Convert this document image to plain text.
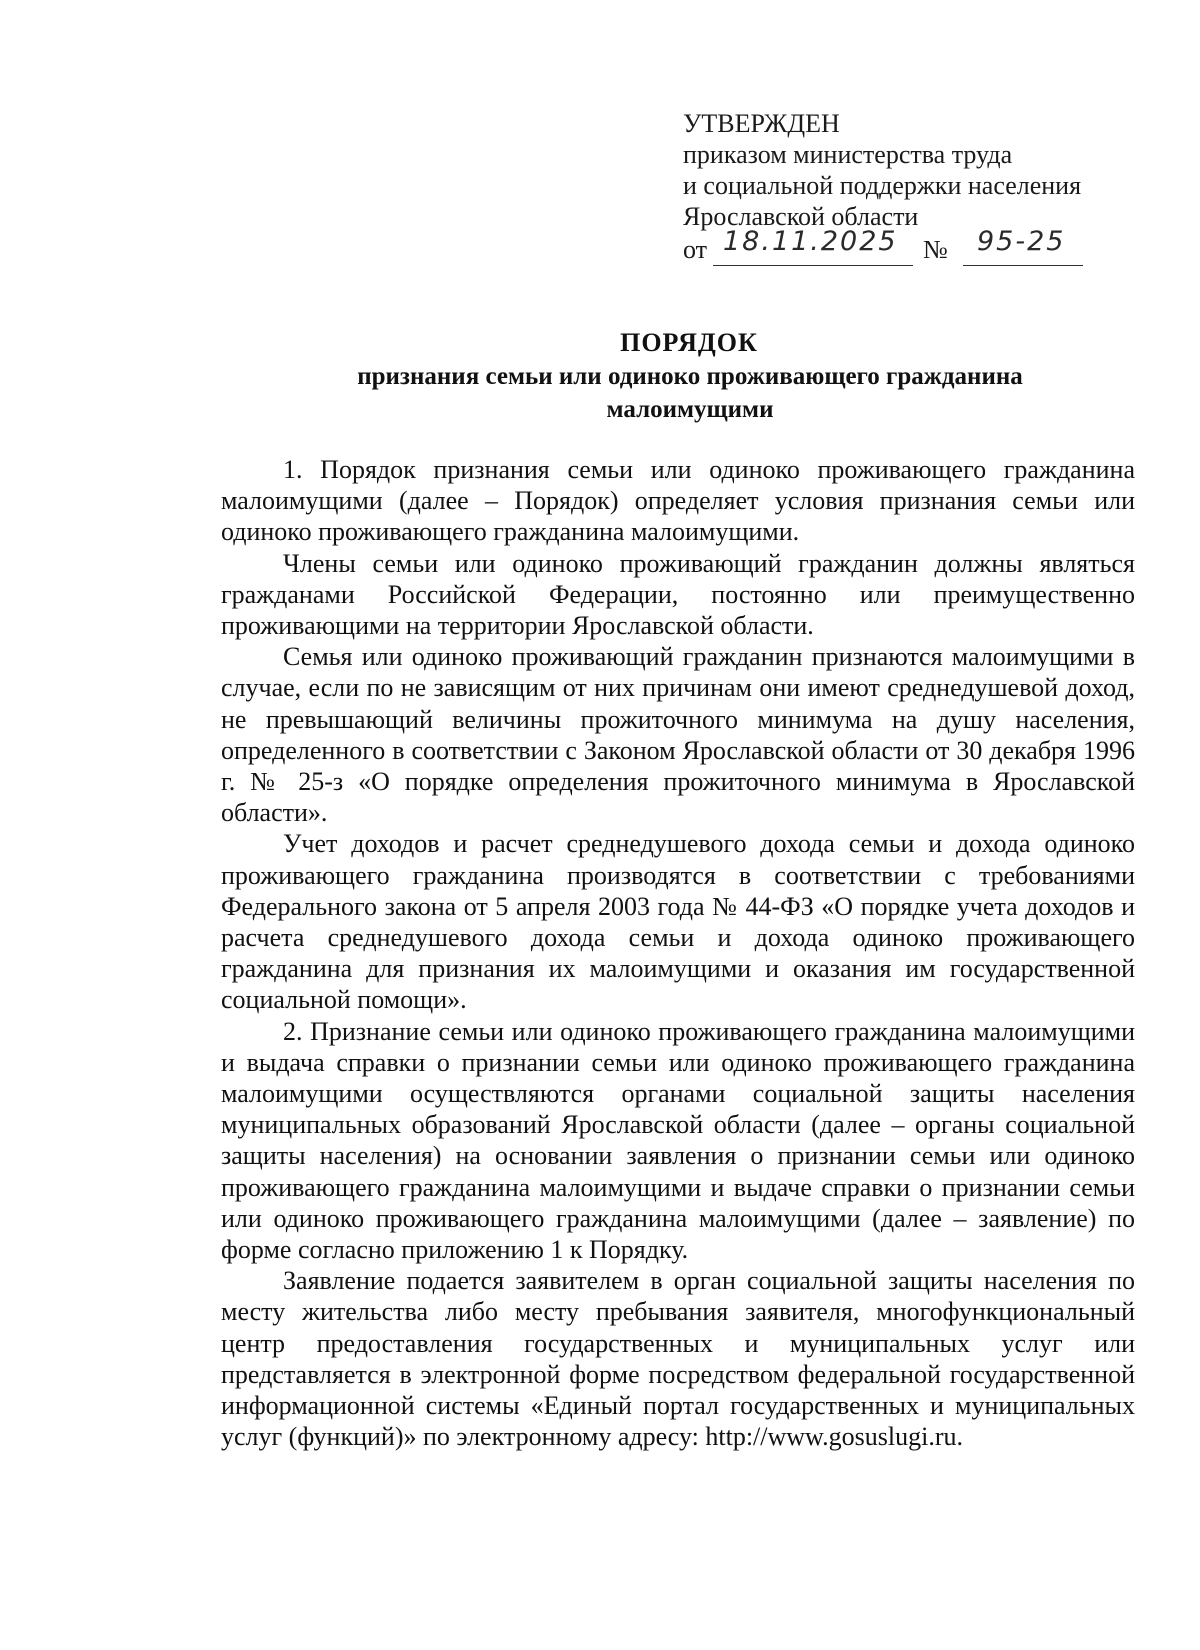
УТВЕРЖДЕН
приказом министерства труда
и социальной поддержки населения
Ярославской области
от 18.11.2025 № 95-25
ПОРЯДОК
признания семьи или одиноко проживающего гражданина малоимущими

1. Порядок признания семьи или одиноко проживающего гражданина малоимущими (далее – Порядок) определяет условия признания семьи или одиноко проживающего гражданина малоимущими.

Члены семьи или одиноко проживающий гражданин должны являться гражданами Российской Федерации, постоянно или преимущественно проживающими на территории Ярославской области.

Семья или одиноко проживающий гражданин признаются малоимущими в случае, если по не зависящим от них причинам они имеют среднедушевой доход, не превышающий величины прожиточного минимума на душу населения, определенного в соответствии с Законом Ярославской области от 30 декабря 1996 г. № 25-з «О порядке определения прожиточного минимума в Ярославской области».

Учет доходов и расчет среднедушевого дохода семьи и дохода одиноко проживающего гражданина производятся в соответствии с требованиями Федерального закона от 5 апреля 2003 года № 44-ФЗ «О порядке учета доходов и расчета среднедушевого дохода семьи и дохода одиноко проживающего гражданина для признания их малоимущими и оказания им государственной социальной помощи».

2. Признание семьи или одиноко проживающего гражданина малоимущими и выдача справки о признании семьи или одиноко проживающего гражданина малоимущими осуществляются органами социальной защиты населения муниципальных образований Ярославской области (далее – органы социальной защиты населения) на основании заявления о признании семьи или одиноко проживающего гражданина малоимущими и выдаче справки о признании семьи или одиноко проживающего гражданина малоимущими (далее – заявление) по форме согласно приложению 1 к Порядку.

Заявление подается заявителем в орган социальной защиты населения по месту жительства либо месту пребывания заявителя, многофункциональный центр предоставления государственных и муниципальных услуг или представляется в электронной форме посредством федеральной государственной информационной системы «Единый портал государственных и муниципальных услуг (функций)» по электронному адресу: http://www.gosuslugi.ru.
